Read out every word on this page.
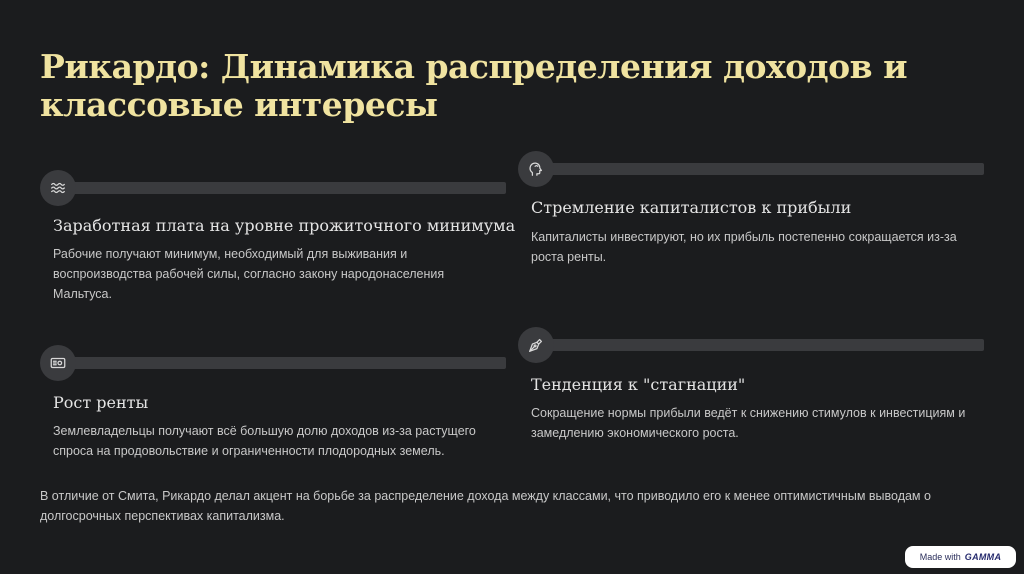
Рикардо: Динамика распределения доходов и классовые интересы
Заработная плата на уровне прожиточного минимума
Рабочие получают минимум, необходимый для выживания и воспроизводства рабочей силы, согласно закону народонаселения Мальтуса.
Стремление капиталистов к прибыли
Капиталисты инвестируют, но их прибыль постепенно сокращается из-за роста ренты.
Рост ренты
Землевладельцы получают всё большую долю доходов из-за растущего спроса на продовольствие и ограниченности плодородных земель.
Тенденция к "стагнации"
Сокращение нормы прибыли ведёт к снижению стимулов к инвестициям и замедлению экономического роста.

В отличие от Смита, Рикардо делал акцент на борьбе за распределение дохода между классами, что приводило его к менее оптимистичным выводам о долгосрочных перспективах капитализма.

Made with GAMMA
